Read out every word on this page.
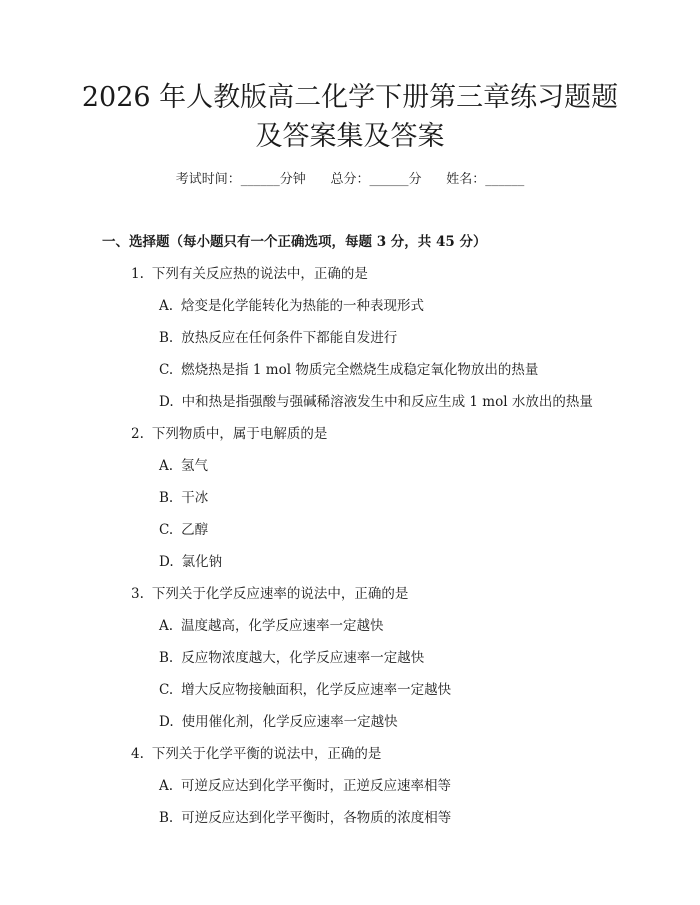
2026 年人教版高二化学下册第三章练习题题
及答案集及答案
考试时间：______分钟      总分：______分      姓名：______
一、选择题（每小题只有一个正确选项，每题 3 分，共 45 分）
1. 下列有关反应热的说法中，正确的是
A. 焓变是化学能转化为热能的一种表现形式
B. 放热反应在任何条件下都能自发进行
C. 燃烧热是指 1 mol 物质完全燃烧生成稳定氧化物放出的热量
D. 中和热是指强酸与强碱稀溶液发生中和反应生成 1 mol 水放出的热量
2. 下列物质中，属于电解质的是
A. 氢气
B. 干冰
C. 乙醇
D. 氯化钠
3. 下列关于化学反应速率的说法中，正确的是
A. 温度越高，化学反应速率一定越快
B. 反应物浓度越大，化学反应速率一定越快
C. 增大反应物接触面积，化学反应速率一定越快
D. 使用催化剂，化学反应速率一定越快
4. 下列关于化学平衡的说法中，正确的是
A. 可逆反应达到化学平衡时，正逆反应速率相等
B. 可逆反应达到化学平衡时，各物质的浓度相等
